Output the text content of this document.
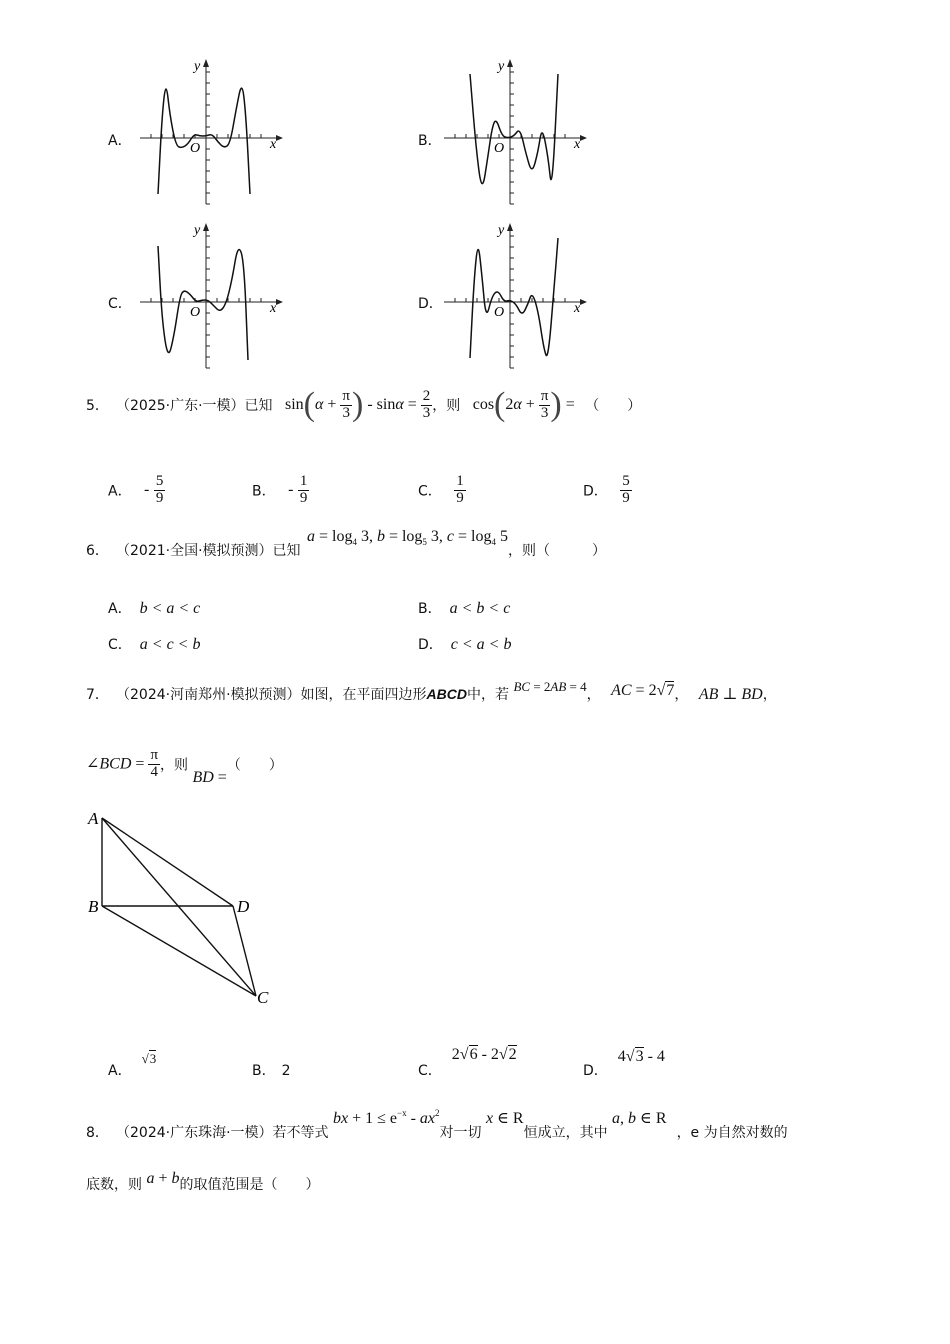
A．	B．
C．	D．
x
y
O	x
y
O
x
y
O	x
y
O
5． （2025·广东·一模）已知 $\sin(\alpha + \frac{\pi}{3}$ ) - $\sin\alpha = \frac{2}{3}$ ，则 $\cos(2\alpha + \frac{\pi}{3}$ ) = （　　）
A． - $\frac{5}{9}$	B． - $\frac{1}{9}$	C． $\frac{1}{9}$	D． $\frac{5}{9}$
6． （2021·全国·模拟预测）已知 $a = \log_4 3$, $b = \log_5 3$, $c = \log_4 5$，则（　　　）
A． b < a < c	B． a < b < c
C． a < c < b	D． c < a < b
7． （2024·河南郑州·模拟预测）如图，在平面四边形ABCD中，若 BC = 2AB = 4， AC = 2√7， AB ⊥ BD，
∠BCD = $\frac{\pi}{4}$ ，则 BD =（　　）
A
B	D
C
A．√3
B． 2	C．2√6 - 2√2
D．4√3 - 4
8． （2024·广东珠海·一模）若不等式 bx + $1 \le e^{-x} - ax^2$对一切 x ∈ R恒成立，其中 a, b ∈ R，e 为自然对数的
底数，则 a + b的取值范围是（　　）
